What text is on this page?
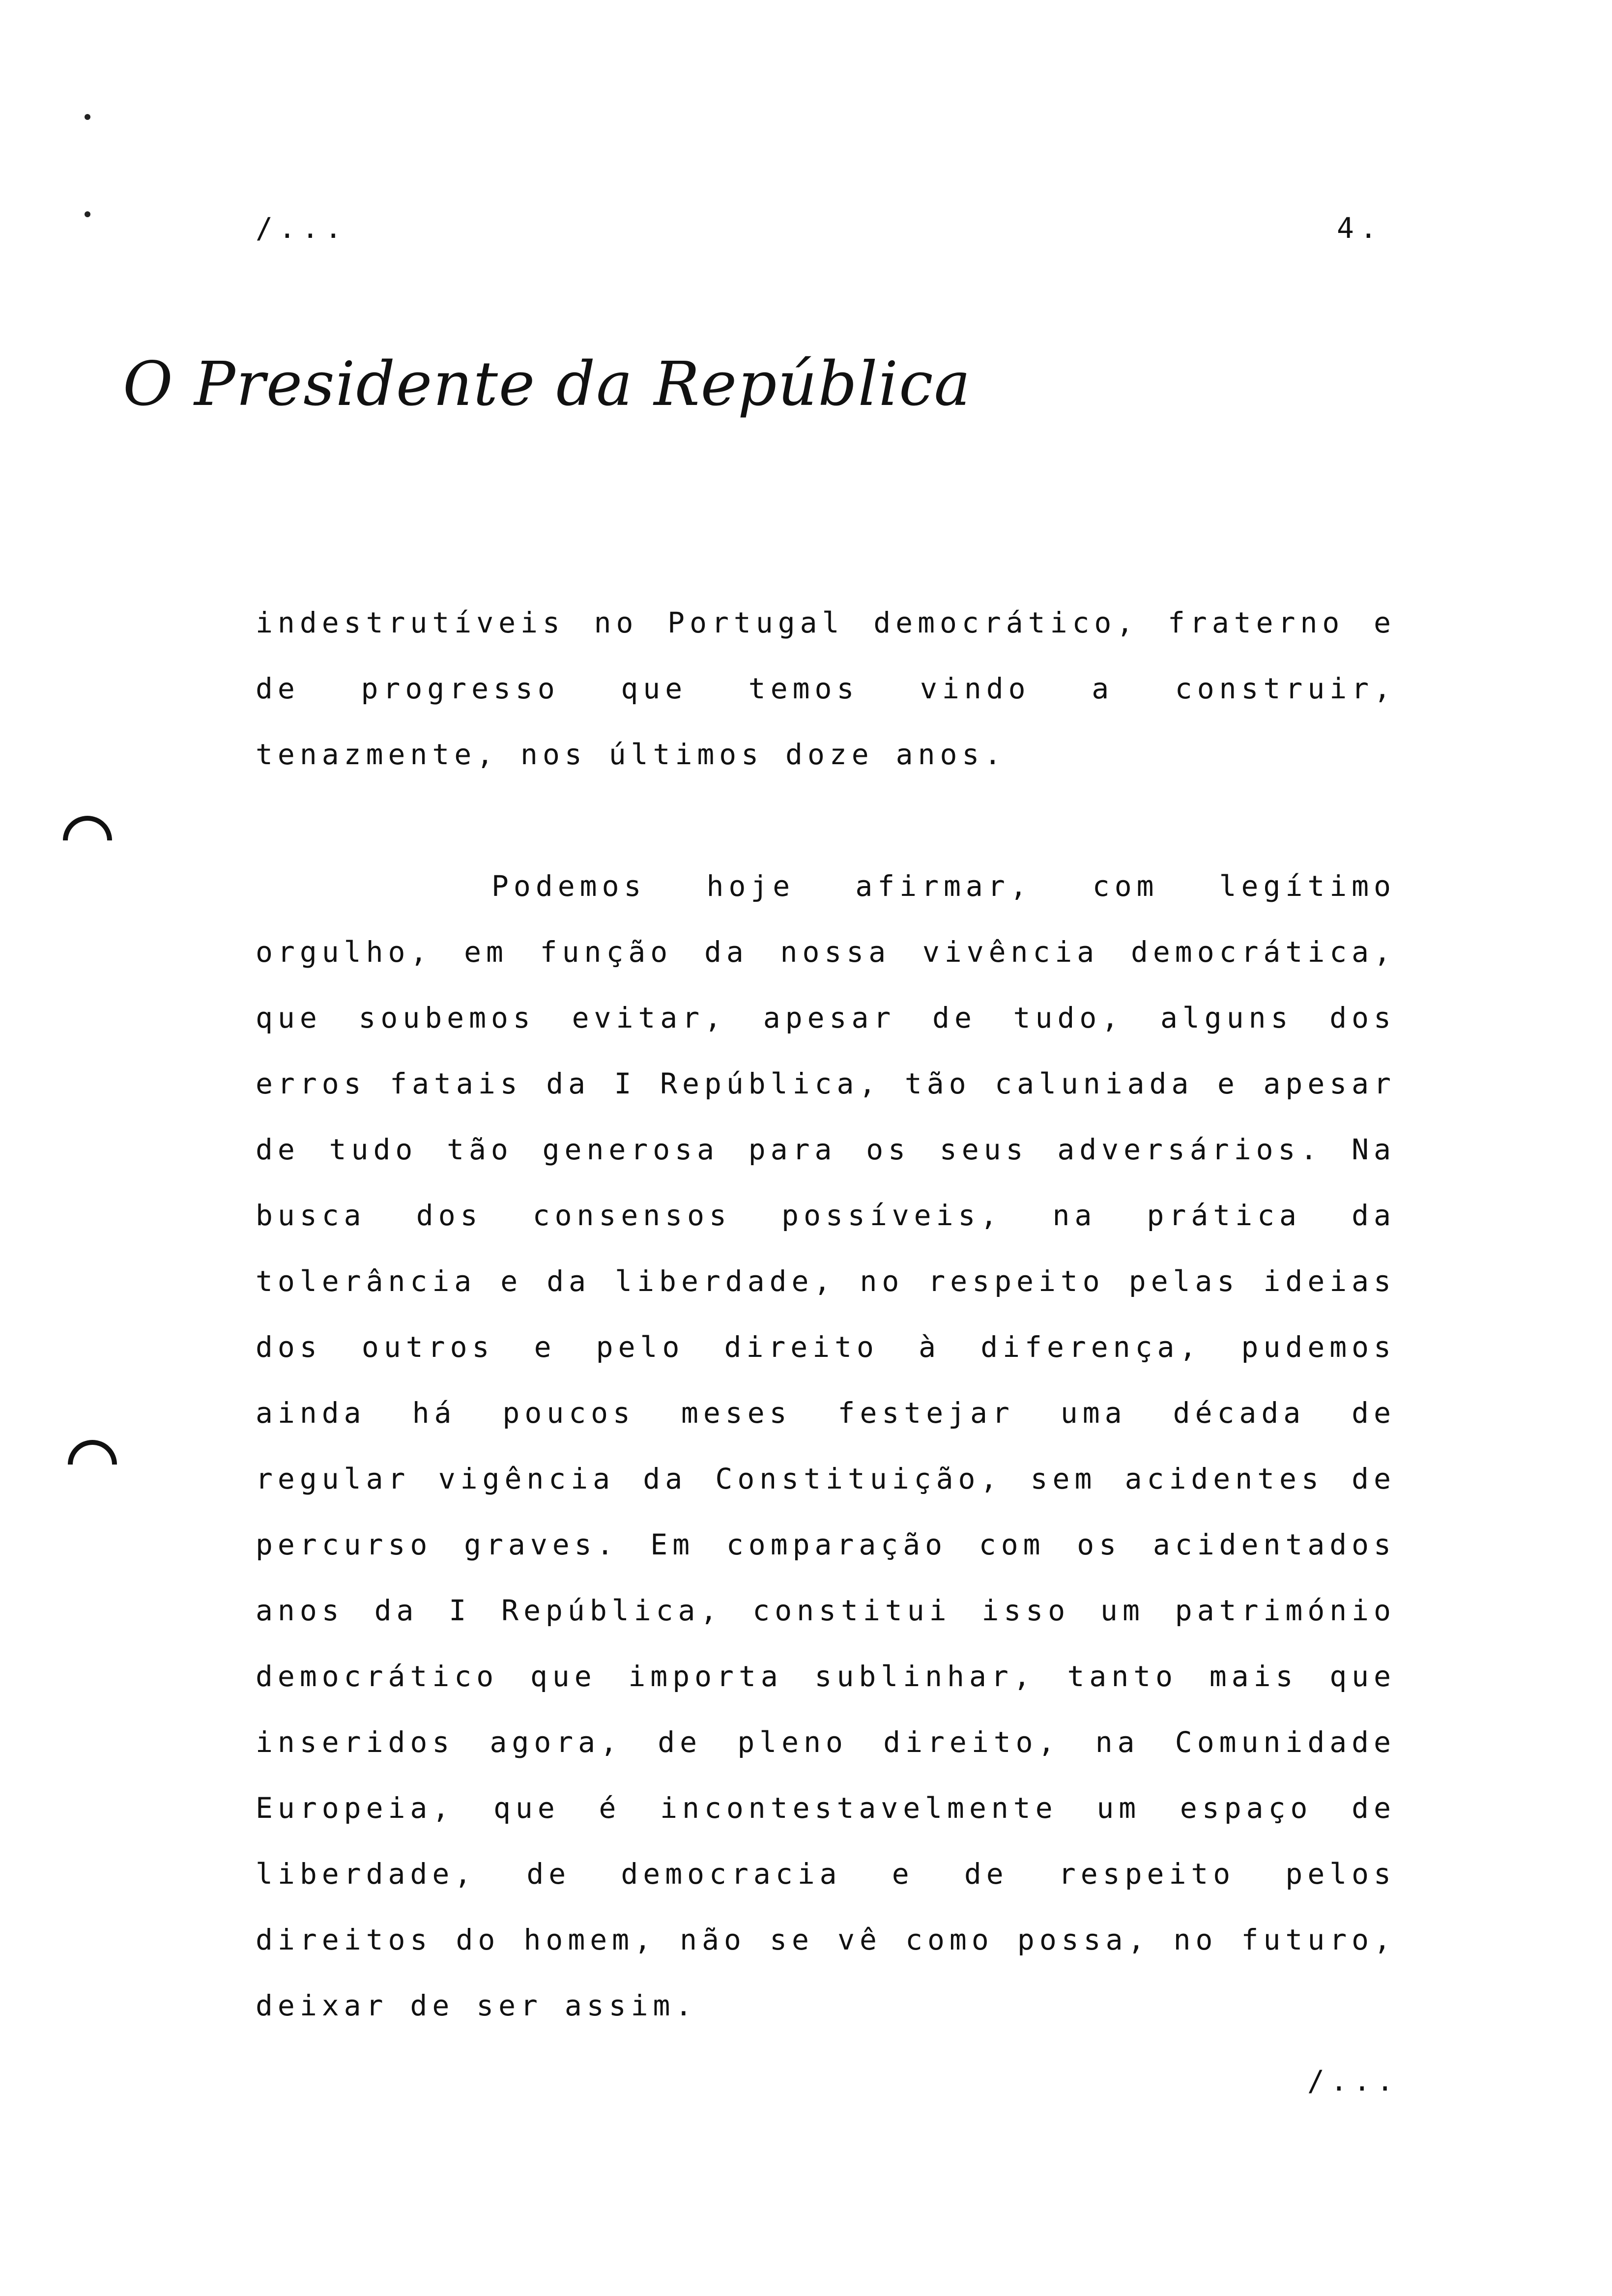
/...	4.
O Presidente da República

indestrutíveis no Portugal democrático, fraterno e de progresso que temos vindo a construir, tenazmente, nos últimos doze anos.

Podemos hoje afirmar, com legítimo orgulho, em função da nossa vivência democrática, que soubemos evitar, apesar de tudo, alguns dos erros fatais da I República, tão caluniada e apesar de tudo tão generosa para os seus adversários. Na busca dos consensos possíveis, na prática da tolerância e da liberdade, no respeito pelas ideias dos outros e pelo direito à diferença, pudemos ainda há poucos meses festejar uma década de regular vigência da Constituição, sem acidentes de percurso graves. Em comparação com os acidentados anos da I República, constitui isso um património democrático que importa sublinhar, tanto mais que inseridos agora, de pleno direito, na Comunidade Europeia, que é incontestavelmente um espaço de liberdade, de democracia e de respeito pelos direitos do homem, não se vê como possa, no futuro, deixar de ser assim.

/...
